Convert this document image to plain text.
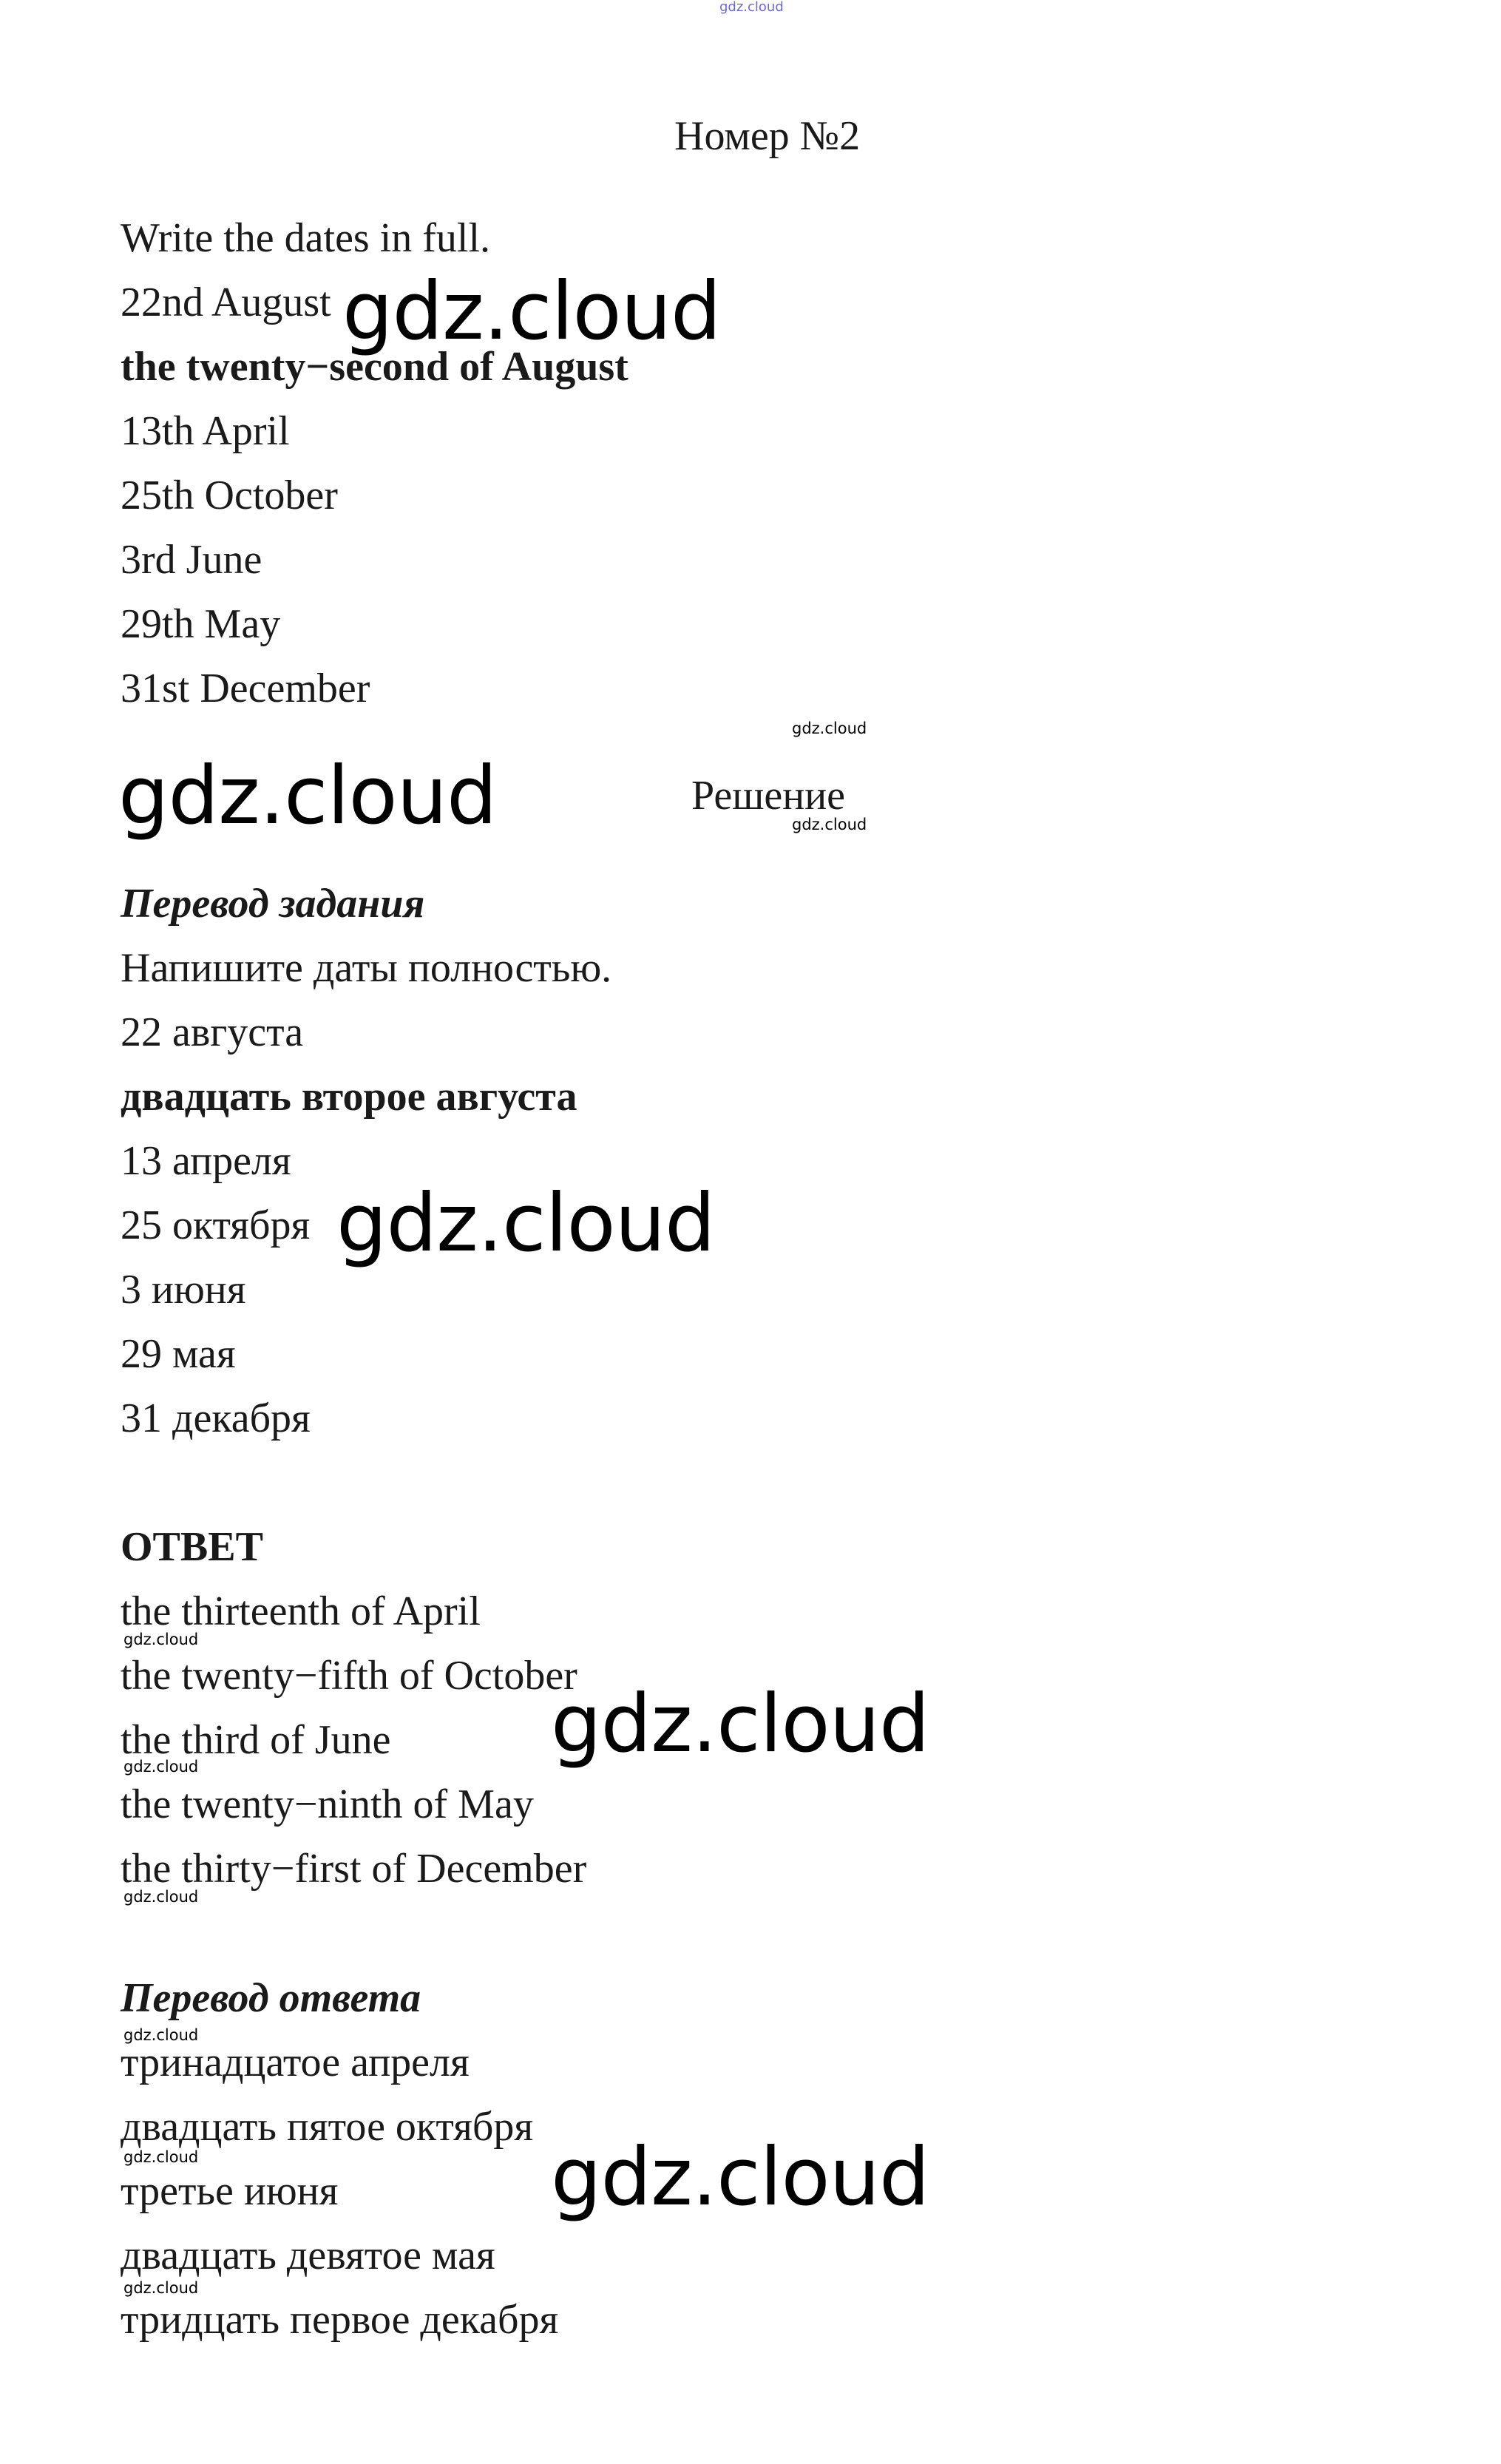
gdz.cloud
Номер №2
Write the dates in full.
22nd August
the twenty−second of August
13th April
25th October
3rd June
29th May
31st December
Решение
Перевод задания
Напишите даты полностью.
22 августа
двадцать второе августа
13 апреля
25 октября
3 июня
29 мая
31 декабря
ОТВЕТ
the thirteenth of April
the twenty−fifth of October
the third of June
the twenty−ninth of May
the thirty−first of December
Перевод ответа
тринадцатое апреля
двадцать пятое октября
третье июня
двадцать девятое мая
тридцать первое декабря
gdz.cloud
gdz.cloud
gdz.cloud
gdz.cloud
gdz.cloud
gdz.cloud
gdz.cloud
gdz.cloud
gdz.cloud
gdz.cloud
gdz.cloud
gdz.cloud
gdz.cloud
